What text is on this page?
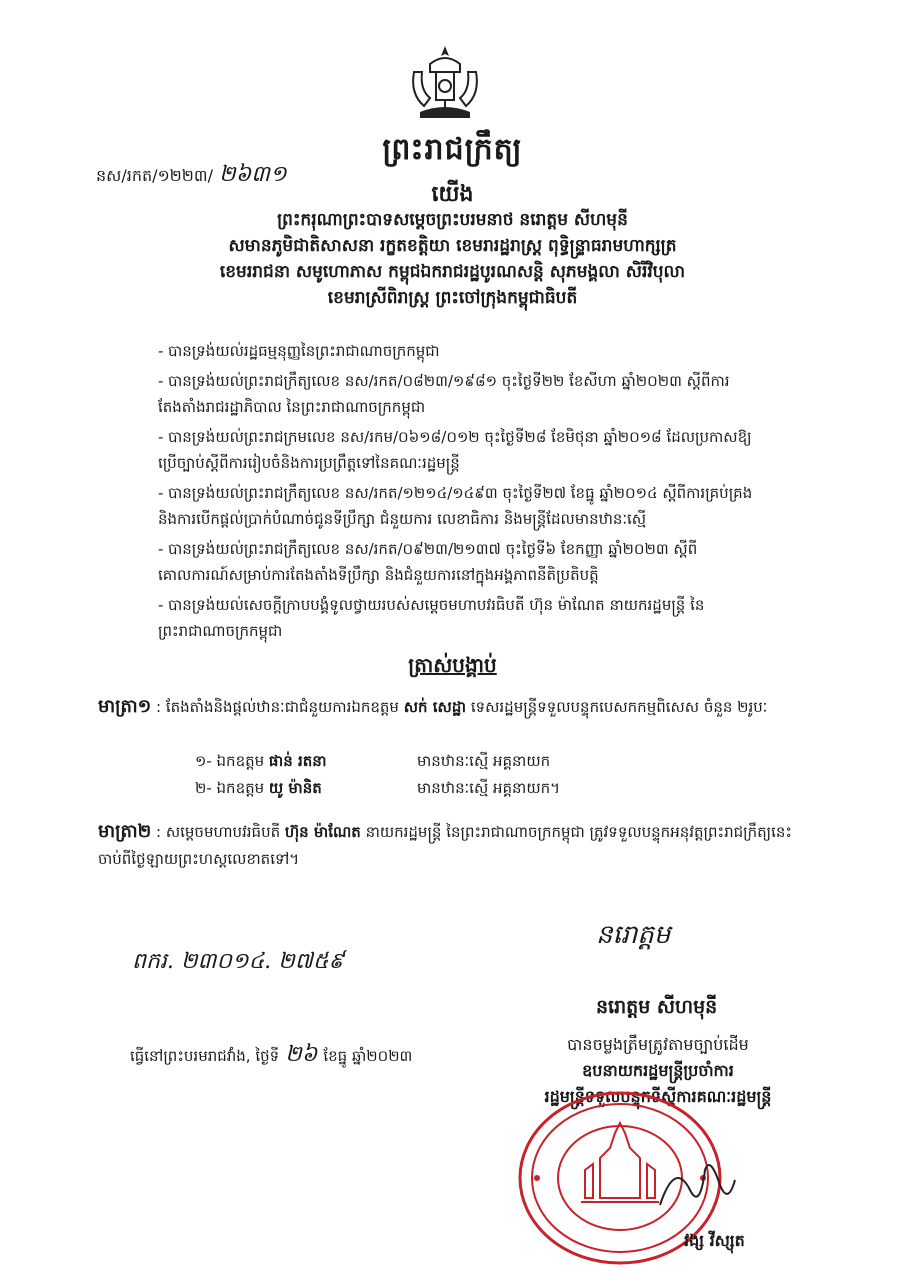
ព្រះរាជក្រឹត្យ
នស/រកត/១២២៣/ ២៦៣១
យើង
ព្រះករុណាព្រះបាទសម្តេចព្រះបរមនាថ នរោត្តម សីហមុនី
សមានភូមិជាតិសាសនា រក្ខតខត្តិយា ខេមរារដ្ឋរាស្ត្រ ពុទ្ធិន្ទ្រាធរាមហាក្សត្រ
ខេមររាជនា សមូហោភាស កម្ពុជឯករាជរដ្ឋបូរណសន្តិ សុភមង្គលា សិរីវិបុលា
ខេមរាស្រីពិរាស្ត្រ ព្រះចៅក្រុងកម្ពុជាធិបតី
- បានទ្រង់យល់រដ្ឋធម្មនុញ្ញនៃព្រះរាជាណាចក្រកម្ពុជា
- បានទ្រង់យល់ព្រះរាជក្រឹត្យលេខ នស/រកត/០៨២៣/១៩៨១ ចុះថ្ងៃទី២២ ខែសីហា ឆ្នាំ២០២៣ ស្តីពីការតែងតាំងរាជរដ្ឋាភិបាល នៃព្រះរាជាណាចក្រកម្ពុជា
- បានទ្រង់យល់ព្រះរាជក្រមលេខ នស/រកម/០៦១៨/០១២ ចុះថ្ងៃទី២៨ ខែមិថុនា ឆ្នាំ២០១៨ ដែលប្រកាសឱ្យប្រើច្បាប់ស្តីពីការរៀបចំនិងការប្រព្រឹត្តទៅនៃគណៈរដ្ឋមន្ត្រី
- បានទ្រង់យល់ព្រះរាជក្រឹត្យលេខ នស/រកត/១២១៤/១៤៩៣ ចុះថ្ងៃទី២៧ ខែធ្នូ ឆ្នាំ២០១៤ ស្តីពីការគ្រប់គ្រងនិងការបើកផ្តល់ប្រាក់បំណាច់ជូនទីប្រឹក្សា ជំនួយការ លេខាធិការ និងមន្ត្រីដែលមានឋានៈស្មើ
- បានទ្រង់យល់ព្រះរាជក្រឹត្យលេខ នស/រកត/០៩២៣/២១៣៧ ចុះថ្ងៃទី៦ ខែកញ្ញា ឆ្នាំ២០២៣ ស្តីពីគោលការណ៍សម្រាប់ការតែងតាំងទីប្រឹក្សា និងជំនួយការនៅក្នុងអង្គភាពនីតិប្រតិបត្តិ
- បានទ្រង់យល់សេចក្តីក្រាបបង្គំទូលថ្វាយរបស់សម្តេចមហាបវរធិបតី ហ៊ុន ម៉ាណែត នាយករដ្ឋមន្ត្រី នៃព្រះរាជាណាចក្រកម្ពុជា
ត្រាស់បង្គាប់
មាត្រា១ : តែងតាំងនិងផ្តល់ឋានៈជាជំនួយការឯកឧត្តម សក់ សេដ្ឋា ទេសរដ្ឋមន្ត្រីទទួលបន្ទុកបេសកកម្មពិសេស ចំនួន ២រូបៈ
១- ឯកឧត្តម ផាន់ រតនា	មានឋានៈស្មើ អគ្គនាយក
២- ឯកឧត្តម យូ ម៉ានិត	មានឋានៈស្មើ អគ្គនាយក។
មាត្រា២ : សម្តេចមហាបវរធិបតី ហ៊ុន ម៉ាណែត នាយករដ្ឋមន្ត្រី នៃព្រះរាជាណាចក្រកម្ពុជា ត្រូវទទួលបន្ទុកអនុវត្តព្រះរាជក្រឹត្យនេះ ចាប់ពីថ្ងៃឡាយព្រះហស្តលេខាតទៅ។
ពករ. ២៣០១៤. ២៧៥៩
ធ្វើនៅព្រះបរមរាជវាំង, ថ្ងៃទី ២៦ ខែធ្នូ ឆ្នាំ២០២៣
នរោត្តម
នរោត្តម សីហមុនី
បានចម្លងត្រឹមត្រូវតាមច្បាប់ដើម
ឧបនាយករដ្ឋមន្ត្រីប្រចាំការ
រដ្ឋមន្ត្រីទទួលបន្ទុកទីស្តីការគណៈរដ្ឋមន្ត្រី
វង្ស វីស្សុត
